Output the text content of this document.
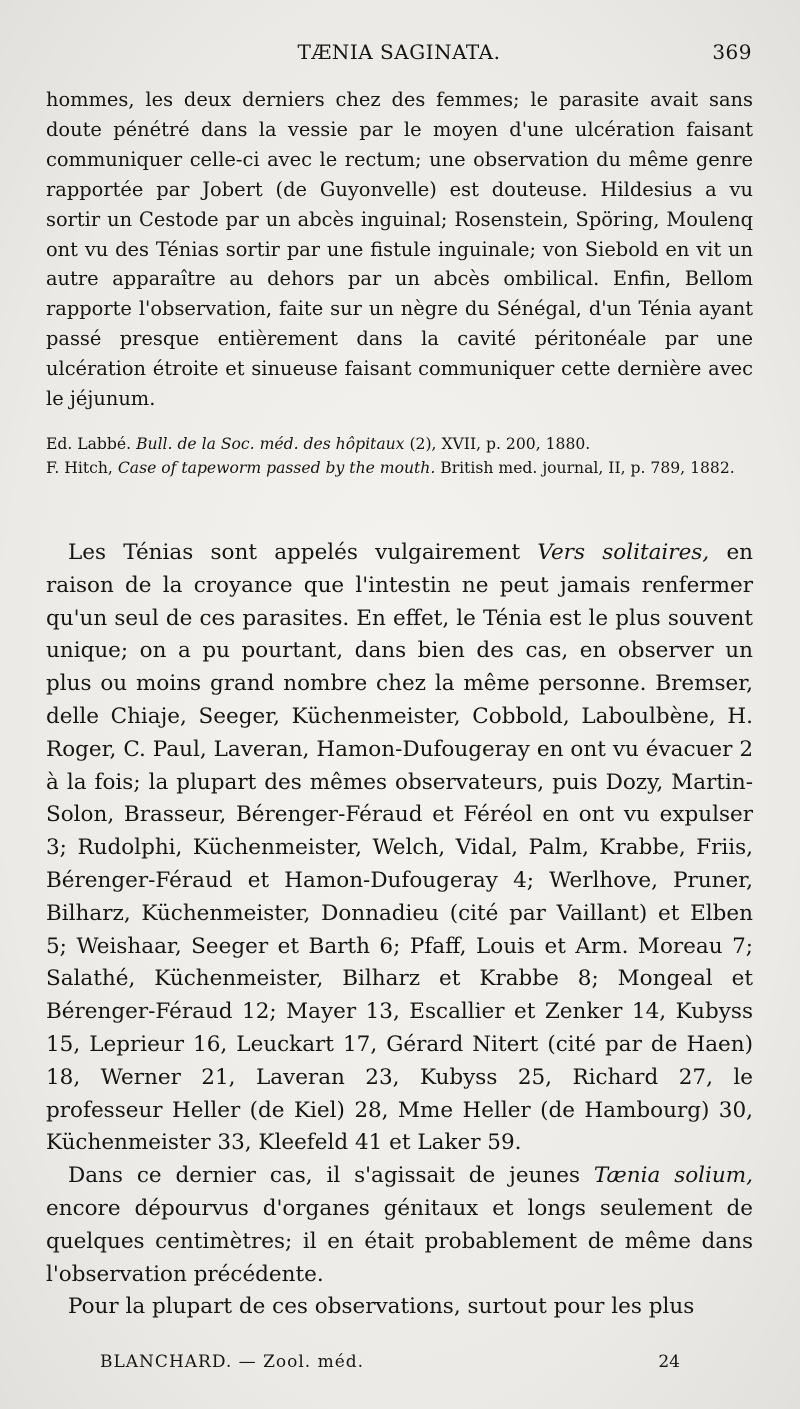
TÆNIA SAGINATA.	369

hommes, les deux derniers chez des femmes; le parasite avait sans doute pénétré dans la vessie par le moyen d'une ulcération faisant communiquer celle-ci avec le rectum; une observation du même genre rapportée par Jobert (de Guyonvelle) est douteuse. Hildesius a vu sortir un Cestode par un abcès inguinal; Rosenstein, Spöring, Moulenq ont vu des Ténias sortir par une fistule inguinale; von Siebold en vit un autre apparaître au dehors par un abcès ombilical. Enfin, Bellom rapporte l'observation, faite sur un nègre du Sénégal, d'un Ténia ayant passé presque entièrement dans la cavité péritonéale par une ulcération étroite et sinueuse faisant communiquer cette dernière avec le jéjunum.

Ed. Labbé. Bull. de la Soc. méd. des hôpitaux (2), XVII, p. 200, 1880.

F. Hitch, Case of tapeworm passed by the mouth. British med. journal, II, p. 789, 1882.

Les Ténias sont appelés vulgairement Vers solitaires, en raison de la croyance que l'intestin ne peut jamais renfermer qu'un seul de ces parasites. En effet, le Ténia est le plus souvent unique; on a pu pourtant, dans bien des cas, en observer un plus ou moins grand nombre chez la même personne. Bremser, delle Chiaje, Seeger, Küchenmeister, Cobbold, Laboulbène, H. Roger, C. Paul, Laveran, Hamon-Dufougeray en ont vu évacuer 2 à la fois; la plupart des mêmes observateurs, puis Dozy, Martin-Solon, Brasseur, Bérenger-Féraud et Féréol en ont vu expulser 3; Rudolphi, Küchenmeister, Welch, Vidal, Palm, Krabbe, Friis, Bérenger-Féraud et Hamon-Dufougeray 4; Werlhove, Pruner, Bilharz, Küchenmeister, Donnadieu (cité par Vaillant) et Elben 5; Weishaar, Seeger et Barth 6; Pfaff, Louis et Arm. Moreau 7; Salathé, Küchenmeister, Bilharz et Krabbe 8; Mongeal et Bérenger-Féraud 12; Mayer 13, Escallier et Zenker 14, Kubyss 15, Leprieur 16, Leuckart 17, Gérard Nitert (cité par de Haen) 18, Werner 21, Laveran 23, Kubyss 25, Richard 27, le professeur Heller (de Kiel) 28, Mme Heller (de Hambourg) 30, Küchenmeister 33, Kleefeld 41 et Laker 59.

Dans ce dernier cas, il s'agissait de jeunes Tænia solium, encore dépourvus d'organes génitaux et longs seulement de quelques centimètres; il en était probablement de même dans l'observation précédente.

Pour la plupart de ces observations, surtout pour les plus

BLANCHARD. — Zool. méd.	24
